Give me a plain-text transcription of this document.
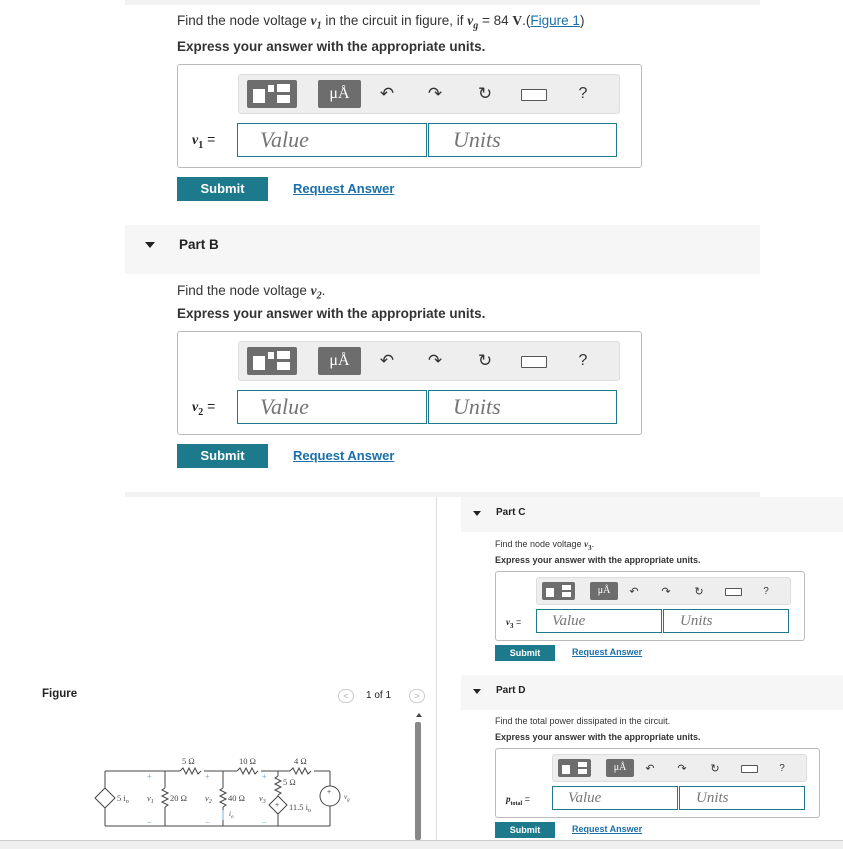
Find the node voltage $v_1$ in the circuit in figure, if $v_g = 84$ V.(Figure 1)
Express your answer with the appropriate units.
μÅ	↶ ↷ ↻	?
$v_1$ =
Value
Units
Submit	Request Answer
Part B
Find the node voltage $v_2$.
Express your answer with the appropriate units.
μÅ	↶ ↷ ↻	?
$v_2$ =
Value
Units
Submit	Request Answer
Figure	<	1 of 1	>
5 Ω	10 Ω	4 Ω
5 Ω
20 Ω	40 Ω
5 $i_o$	11.5 $i_o$
$v_1$	$v_2$	$v_3$
$v_g$
$i_o$
+	+	+
−	−	−
+
+
Part C
Find the node voltage $v_3$.
Express your answer with the appropriate units.
μÅ	↶ ↷ ↻	?
$v_3$ =
Value
Units
Submit	Request Answer
Part D
Find the total power dissipated in the circuit.
Express your answer with the appropriate units.
μÅ	↶ ↷ ↻	?
$p_{total}$ =
Value
Units
Submit	Request Answer
